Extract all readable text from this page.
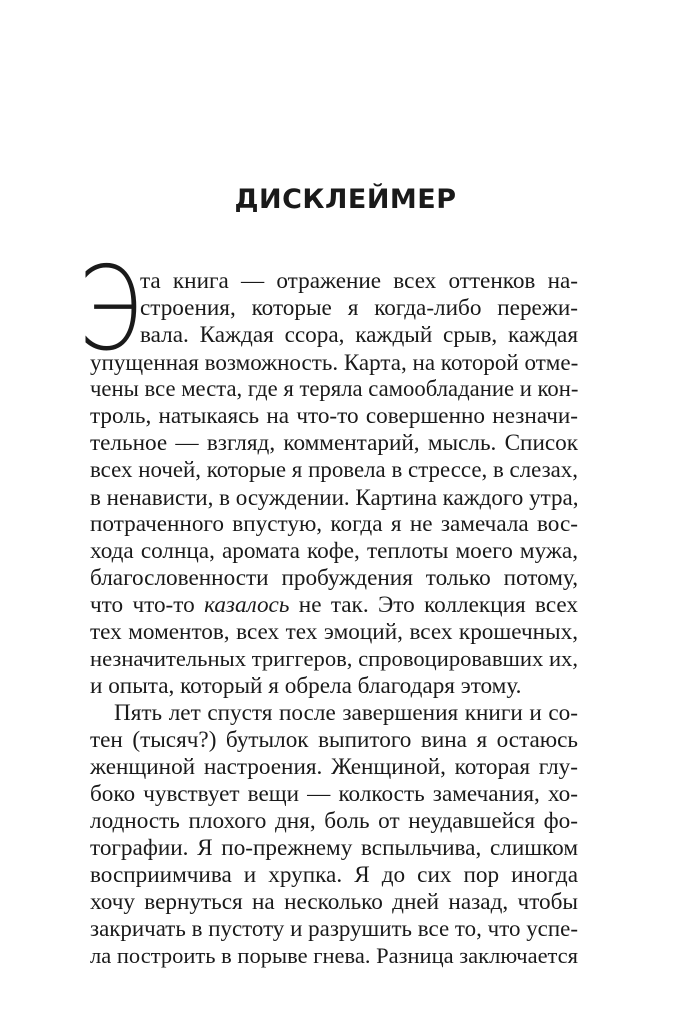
ДИСКЛЕЙМЕР
Э
та книга — отражение всех оттенков на-
строения, которые я когда-либо пережи-
вала. Каждая ссора, каждый срыв, каждая
упущенная возможность. Карта, на которой отме-
чены все места, где я теряла самообладание и кон-
троль, натыкаясь на что-то совершенно незначи-
тельное — взгляд, комментарий, мысль. Список
всех ночей, которые я провела в стрессе, в слезах,
в ненависти, в осуждении. Картина каждого утра,
потраченного впустую, когда я не замечала вос-
хода солнца, аромата кофе, теплоты моего мужа,
благословенности пробуждения только потому,
что что-то казалось не так. Это коллекция всех
тех моментов, всех тех эмоций, всех крошечных,
незначительных триггеров, спровоцировавших их,
и опыта, который я обрела благодаря этому.
Пять лет спустя после завершения книги и со-
тен (тысяч?) бутылок выпитого вина я остаюсь
женщиной настроения. Женщиной, которая глу-
боко чувствует вещи — колкость замечания, хо-
лодность плохого дня, боль от неудавшейся фо-
тографии. Я по-прежнему вспыльчива, слишком
восприимчива и хрупка. Я до сих пор иногда
хочу вернуться на несколько дней назад, чтобы
закричать в пустоту и разрушить все то, что успе-
ла построить в порыве гнева. Разница заключается
